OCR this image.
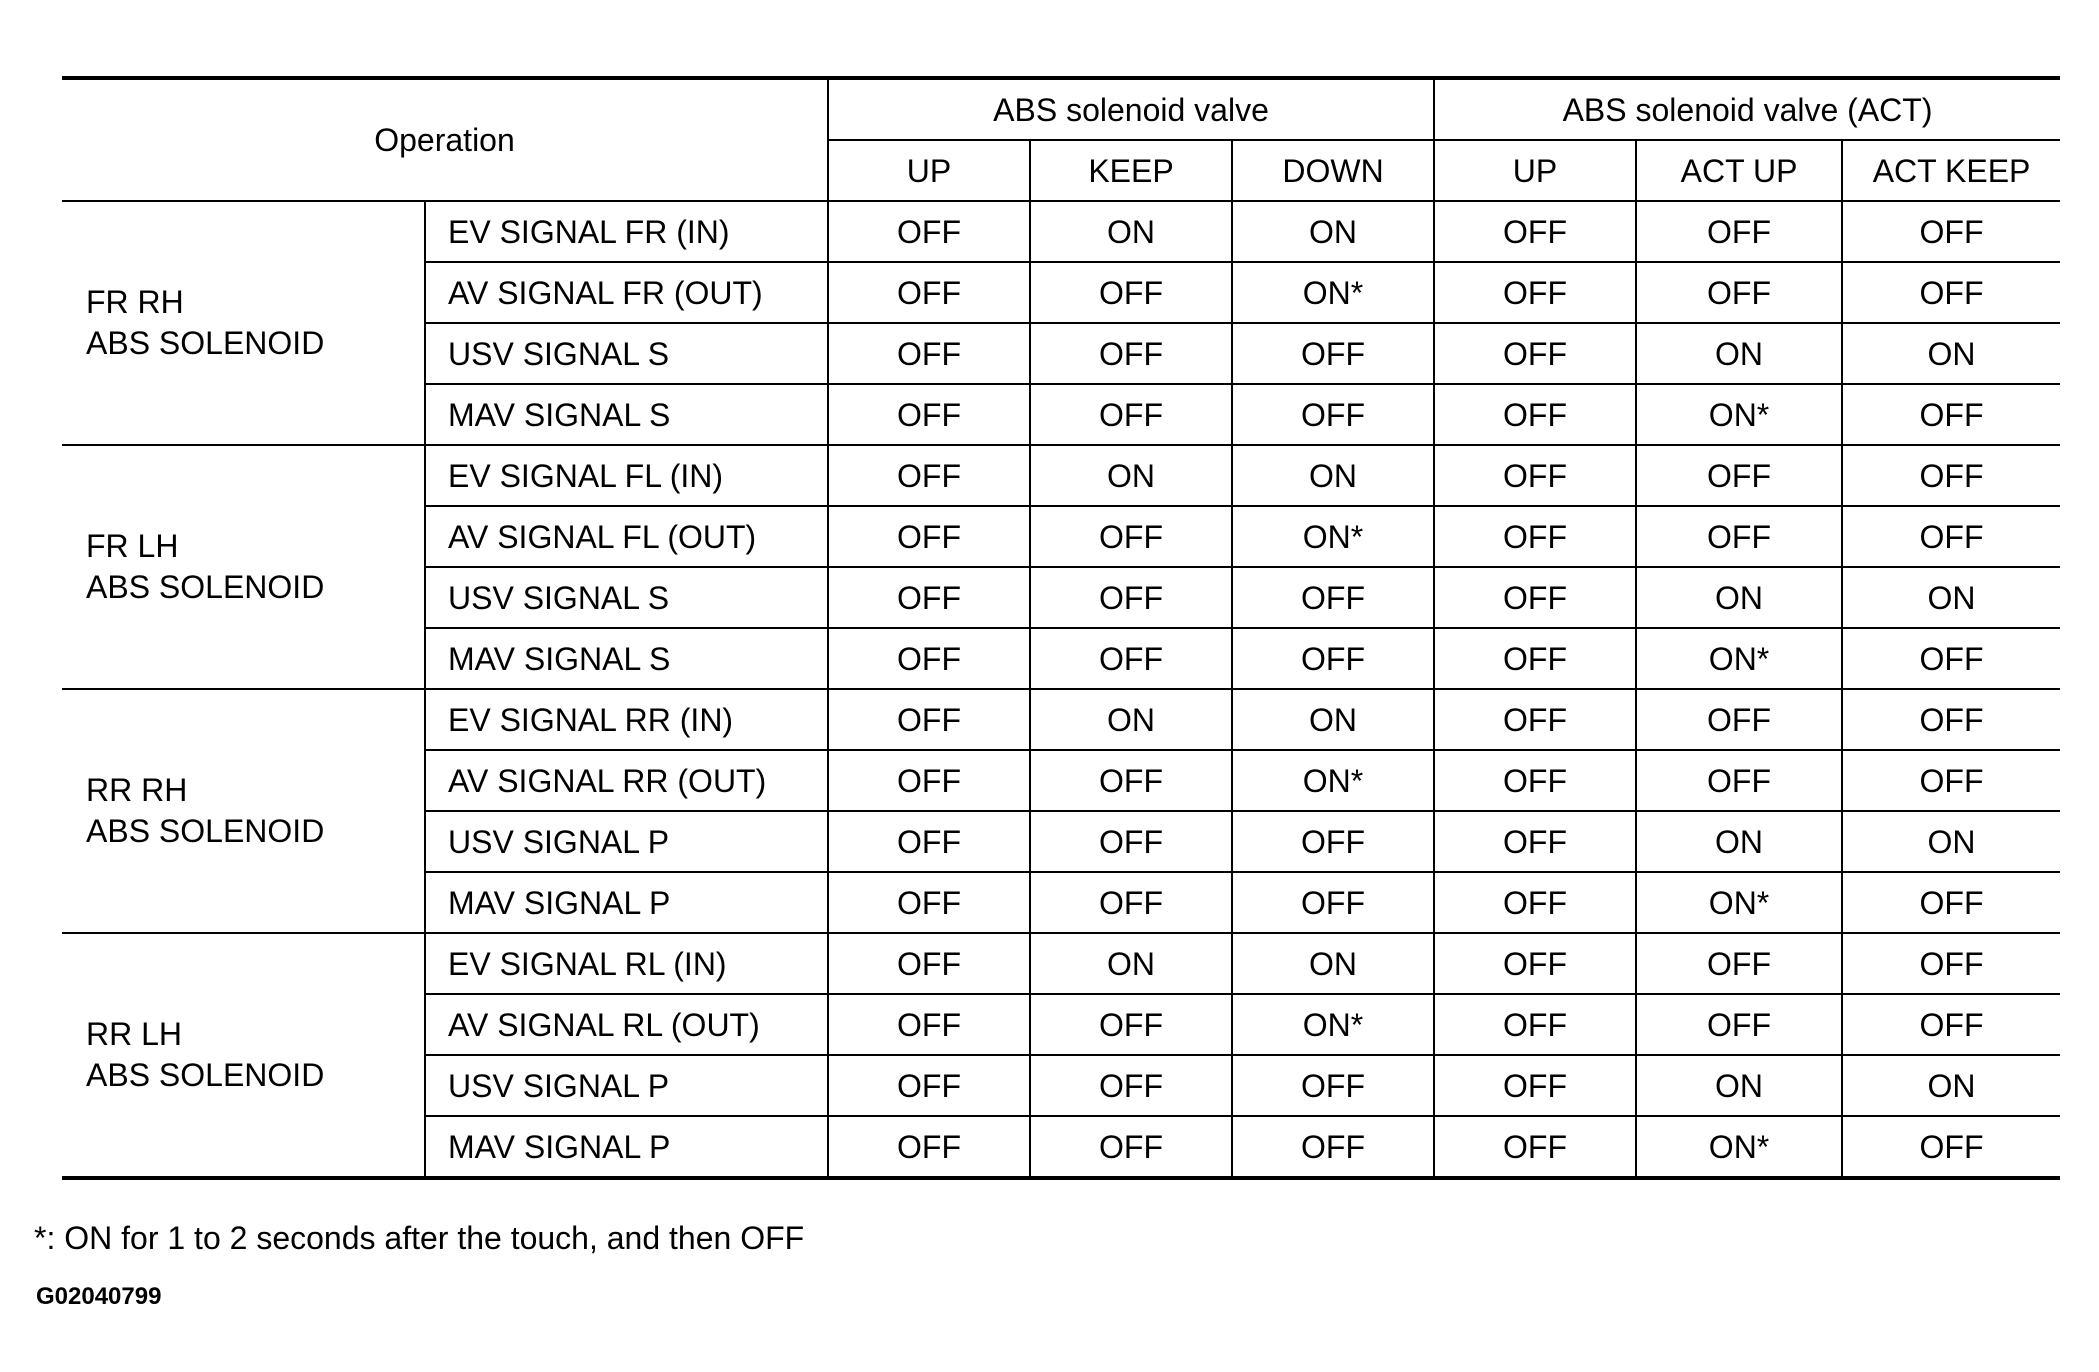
Operation		ABS solenoid valve			ABS solenoid valve (ACT)		
		UP	KEEP	DOWN	UP	ACT UP	ACT KEEP
FR RH
ABS SOLENOID	EV SIGNAL FR (IN)	OFF	ON	ON	OFF	OFF	OFF
	AV SIGNAL FR (OUT)	OFF	OFF	ON*	OFF	OFF	OFF
	USV SIGNAL S	OFF	OFF	OFF	OFF	ON	ON
	MAV SIGNAL S	OFF	OFF	OFF	OFF	ON*	OFF
FR LH
ABS SOLENOID	EV SIGNAL FL (IN)	OFF	ON	ON	OFF	OFF	OFF
	AV SIGNAL FL (OUT)	OFF	OFF	ON*	OFF	OFF	OFF
	USV SIGNAL S	OFF	OFF	OFF	OFF	ON	ON
	MAV SIGNAL S	OFF	OFF	OFF	OFF	ON*	OFF
RR RH
ABS SOLENOID	EV SIGNAL RR (IN)	OFF	ON	ON	OFF	OFF	OFF
	AV SIGNAL RR (OUT)	OFF	OFF	ON*	OFF	OFF	OFF
	USV SIGNAL P	OFF	OFF	OFF	OFF	ON	ON
	MAV SIGNAL P	OFF	OFF	OFF	OFF	ON*	OFF
RR LH
ABS SOLENOID	EV SIGNAL RL (IN)	OFF	ON	ON	OFF	OFF	OFF
	AV SIGNAL RL (OUT)	OFF	OFF	ON*	OFF	OFF	OFF
	USV SIGNAL P	OFF	OFF	OFF	OFF	ON	ON
	MAV SIGNAL P	OFF	OFF	OFF	OFF	ON*	OFF
*: ON for 1 to 2 seconds after the touch, and then OFF
G02040799
